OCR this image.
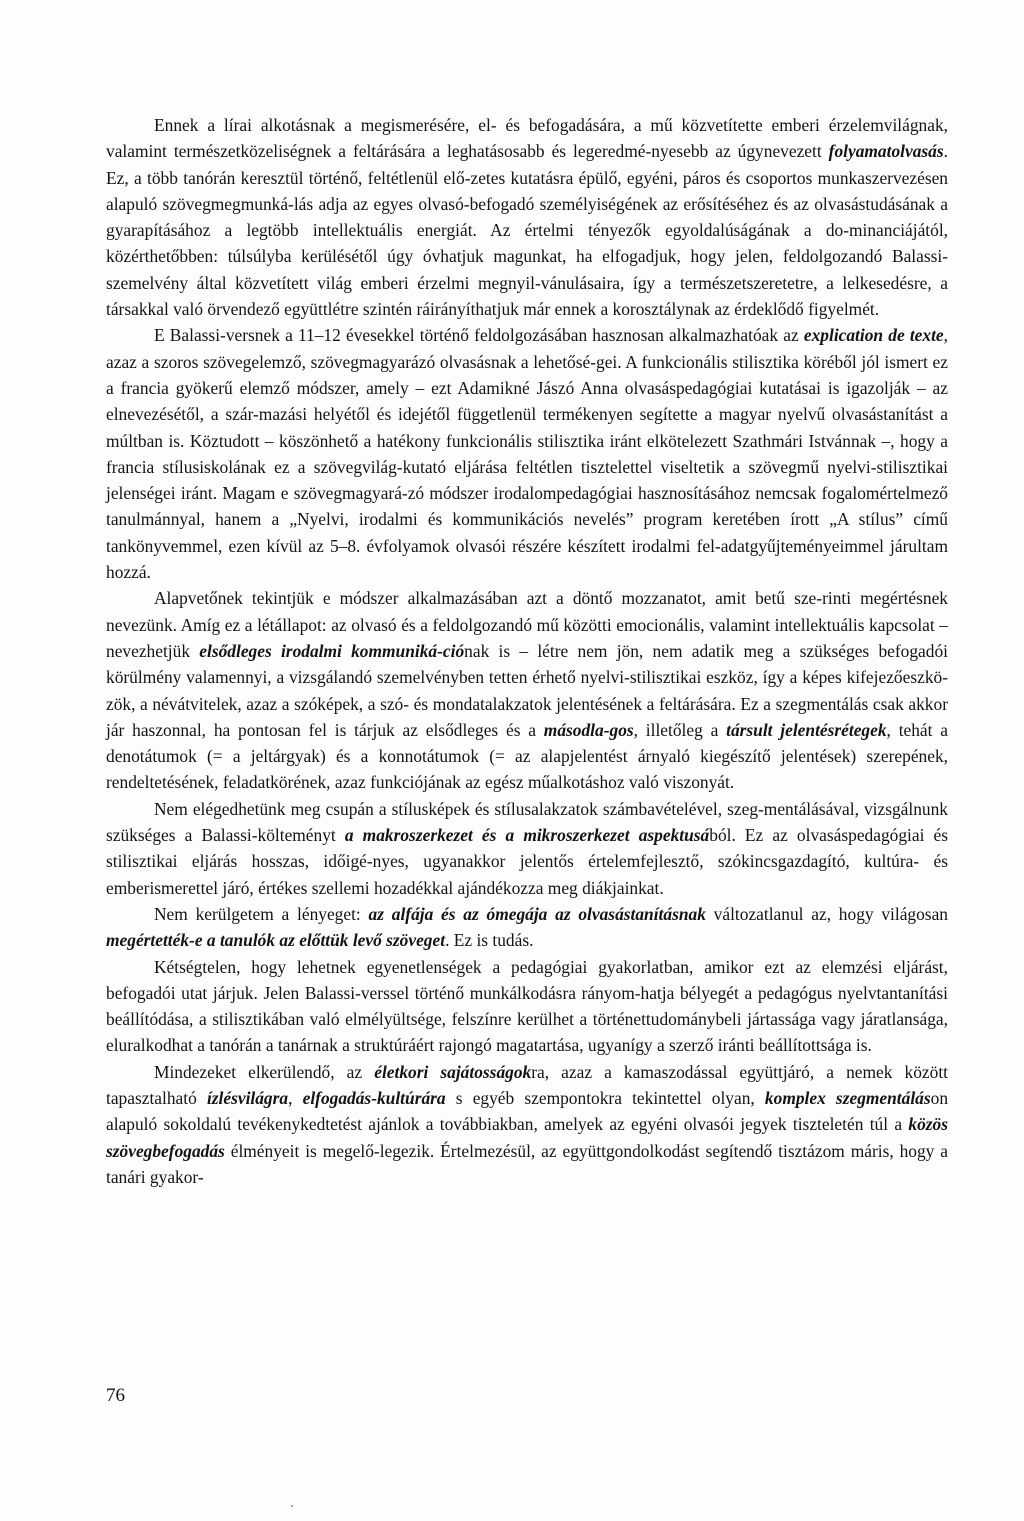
Ennek a lírai alkotásnak a megismerésére, el- és befogadására, a mű közvetítette emberi érzelemvilágnak, valamint természetközeliségnek a feltárására a leghatásosabb és legeredmé-nyesebb az úgynevezett folyamatolvasás. Ez, a több tanórán keresztül történő, feltétlenül elő-zetes kutatásra épülő, egyéni, páros és csoportos munkaszervezésen alapuló szövegmegmunká-lás adja az egyes olvasó-befogadó személyiségének az erősítéséhez és az olvasástudásának a gyarapításához a legtöbb intellektuális energiát. Az értelmi tényezők egyoldalúságának a do-minanciájától, közérthetőbben: túlsúlyba kerülésétől úgy óvhatjuk magunkat, ha elfogadjuk, hogy jelen, feldolgozandó Balassi-szemelvény által közvetített világ emberi érzelmi megnyil-vánulásaira, így a természetszeretetre, a lelkesedésre, a társakkal való örvendező együttlétre szintén ráirányíthatjuk már ennek a korosztálynak az érdeklődő figyelmét.

E Balassi-versnek a 11–12 évesekkel történő feldolgozásában hasznosan alkalmazhatóak az explication de texte, azaz a szoros szövegelemző, szövegmagyarázó olvasásnak a lehetősé-gei. A funkcionális stilisztika köréből jól ismert ez a francia gyökerű elemző módszer, amely – ezt Adamikné Jászó Anna olvasáspedagógiai kutatásai is igazolják – az elnevezésétől, a szár-mazási helyétől és idejétől függetlenül termékenyen segítette a magyar nyelvű olvasástanítást a múltban is. Köztudott – köszönhető a hatékony funkcionális stilisztika iránt elkötelezett Szathmári Istvánnak –, hogy a francia stílusiskolának ez a szövegvilág-kutató eljárása feltétlen tisztelettel viseltetik a szövegmű nyelvi-stilisztikai jelenségei iránt. Magam e szövegmagyará-zó módszer irodalompedagógiai hasznosításához nemcsak fogalomértelmező tanulmánnyal, hanem a „Nyelvi, irodalmi és kommunikációs nevelés” program keretében írott „A stílus” című tankönyvemmel, ezen kívül az 5–8. évfolyamok olvasói részére készített irodalmi fel-adatgyűjteményeimmel járultam hozzá.

Alapvetőnek tekintjük e módszer alkalmazásában azt a döntő mozzanatot, amit betű sze-rinti megértésnek nevezünk. Amíg ez a létállapot: az olvasó és a feldolgozandó mű közötti emocionális, valamint intellektuális kapcsolat – nevezhetjük elsődleges irodalmi kommuniká-ciónak is – létre nem jön, nem adatik meg a szükséges befogadói körülmény valamennyi, a vizsgálandó szemelvényben tetten érhető nyelvi-stilisztikai eszköz, így a képes kifejezőeszkö-zök, a névátvitelek, azaz a szóképek, a szó- és mondatalakzatok jelentésének a feltárására. Ez a szegmentálás csak akkor jár haszonnal, ha pontosan fel is tárjuk az elsődleges és a másodla-gos, illetőleg a társult jelentésrétegek, tehát a denotátumok (= a jeltárgyak) és a konnotátumok (= az alapjelentést árnyaló kiegészítő jelentések) szerepének, rendeltetésének, feladatkörének, azaz funkciójának az egész műalkotáshoz való viszonyát.

Nem elégedhetünk meg csupán a stílusképek és stílusalakzatok számbavételével, szeg-mentálásával, vizsgálnunk szükséges a Balassi-költeményt a makroszerkezet és a mikroszerkezet aspektusából. Ez az olvasáspedagógiai és stilisztikai eljárás hosszas, időigé-nyes, ugyanakkor jelentős értelemfejlesztő, szókincsgazdagító, kultúra- és emberismerettel járó, értékes szellemi hozadékkal ajándékozza meg diákjainkat.

Nem kerülgetem a lényeget: az alfája és az ómegája az olvasástanításnak változatlanul az, hogy világosan megértették-e a tanulók az előttük levő szöveget. Ez is tudás.

Kétségtelen, hogy lehetnek egyenetlenségek a pedagógiai gyakorlatban, amikor ezt az elemzési eljárást, befogadói utat járjuk. Jelen Balassi-verssel történő munkálkodásra rányom-hatja bélyegét a pedagógus nyelvtantanítási beállítódása, a stilisztikában való elmélyültsége, felszínre kerülhet a történettudománybeli jártassága vagy járatlansága, eluralkodhat a tanórán a tanárnak a struktúráért rajongó magatartása, ugyanígy a szerző iránti beállítottsága is.

Mindezeket elkerülendő, az életkori sajátosságokra, azaz a kamaszodással együttjáró, a nemek között tapasztalható ízlésvilágra, elfogadás-kultúrára s egyéb szempontokra tekintettel olyan, komplex szegmentáláson alapuló sokoldalú tevékenykedtetést ajánlok a továbbiakban, amelyek az egyéni olvasói jegyek tiszteletén túl a közös szövegbefogadás élményeit is megelő-legezik. Értelmezésül, az együttgondolkodást segítendő tisztázom máris, hogy a tanári gyakor-

76
